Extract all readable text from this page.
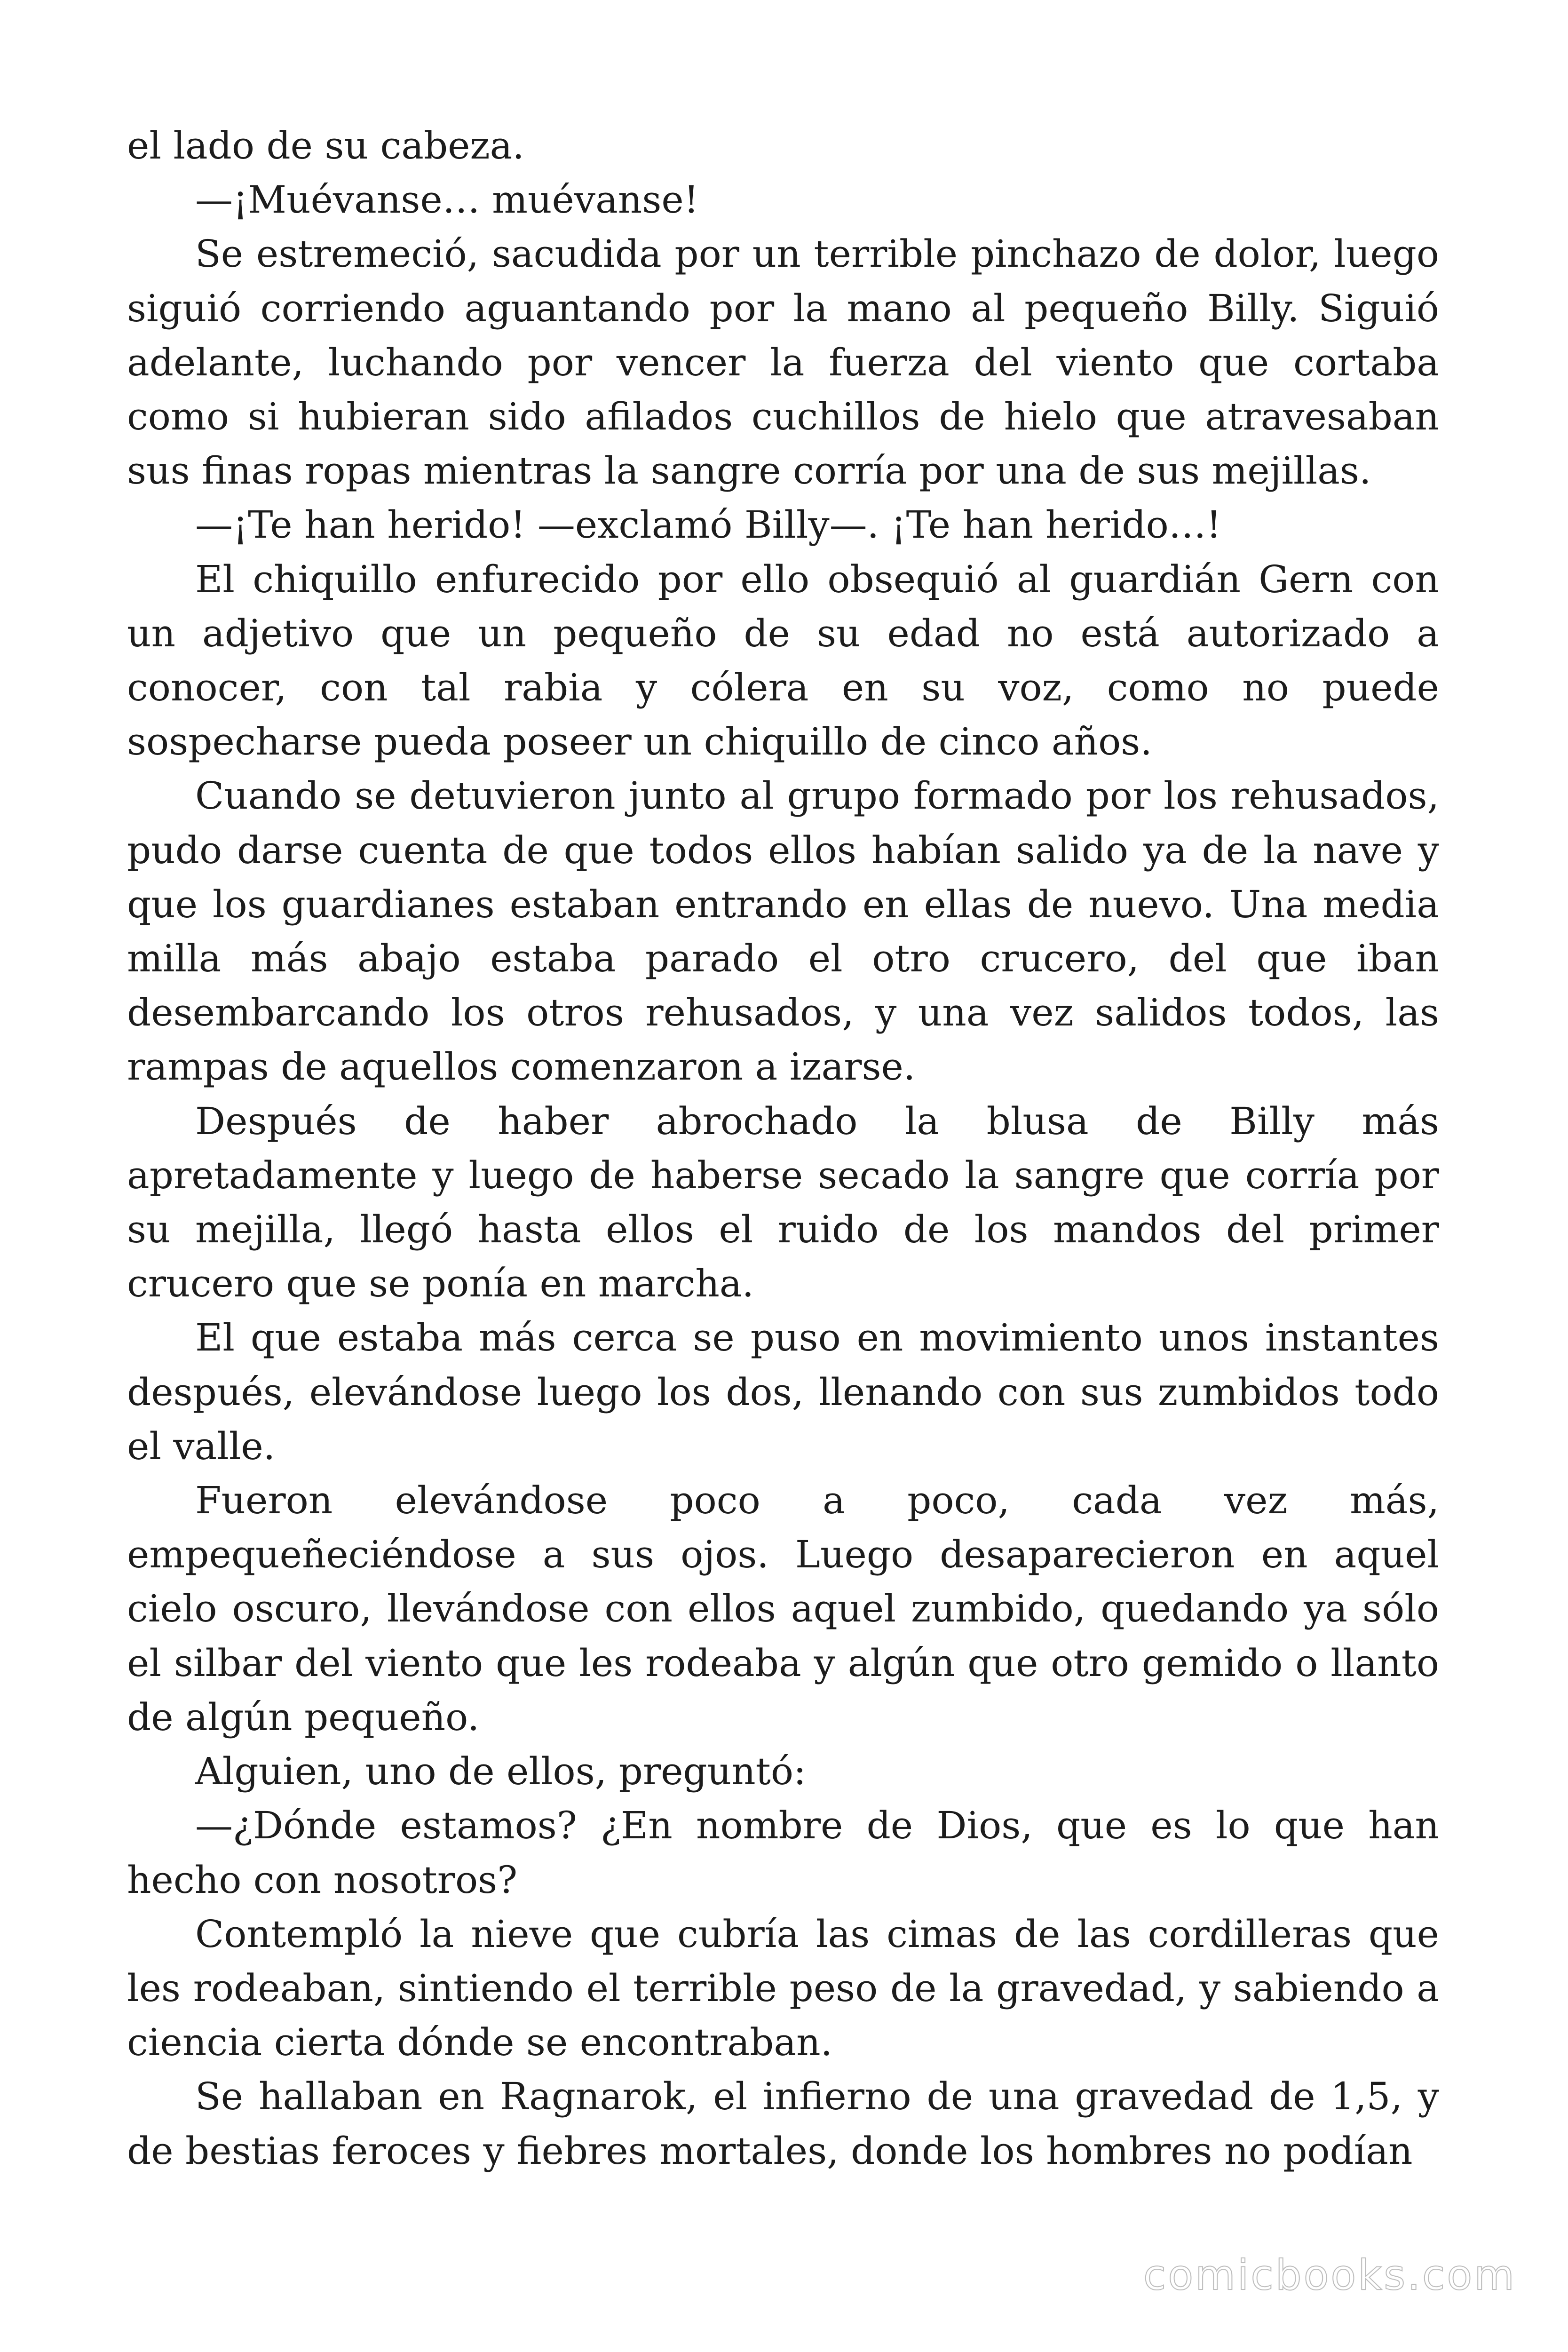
el lado de su cabeza.

—¡Muévanse… muévanse!

Se estremeció, sacudida por un terrible pinchazo de dolor, luego siguió corriendo aguantando por la mano al pequeño Billy. Siguió adelante, luchando por vencer la fuerza del viento que cortaba como si hubieran sido afilados cuchillos de hielo que atravesaban sus finas ropas mientras la sangre corría por una de sus mejillas.

—¡Te han herido! —exclamó Billy—. ¡Te han herido…!

El chiquillo enfurecido por ello obsequió al guardián Gern con un adjetivo que un pequeño de su edad no está autorizado a conocer, con tal rabia y cólera en su voz, como no puede sospecharse pueda poseer un chiquillo de cinco años.

Cuando se detuvieron junto al grupo formado por los rehusados, pudo darse cuenta de que todos ellos habían salido ya de la nave y que los guardianes estaban entrando en ellas de nuevo. Una media milla más abajo estaba parado el otro crucero, del que iban desembarcando los otros rehusados, y una vez salidos todos, las rampas de aquellos comenzaron a izarse.

Después de haber abrochado la blusa de Billy más apretadamente y luego de haberse secado la sangre que corría por su mejilla, llegó hasta ellos el ruido de los mandos del primer crucero que se ponía en marcha.

El que estaba más cerca se puso en movimiento unos instantes después, elevándose luego los dos, llenando con sus zumbidos todo el valle.

Fueron elevándose poco a poco, cada vez más, empequeñeciéndose a sus ojos. Luego desaparecieron en aquel cielo oscuro, llevándose con ellos aquel zumbido, quedando ya sólo el silbar del viento que les rodeaba y algún que otro gemido o llanto de algún pequeño.

Alguien, uno de ellos, preguntó:

—¿Dónde estamos? ¿En nombre de Dios, que es lo que han hecho con nosotros?

Contempló la nieve que cubría las cimas de las cordilleras que les rodeaban, sintiendo el terrible peso de la gravedad, y sabiendo a ciencia cierta dónde se encontraban.

Se hallaban en Ragnarok, el infierno de una gravedad de 1,5, y de bestias feroces y fiebres mortales, donde los hombres no podían

comicbooks.com
